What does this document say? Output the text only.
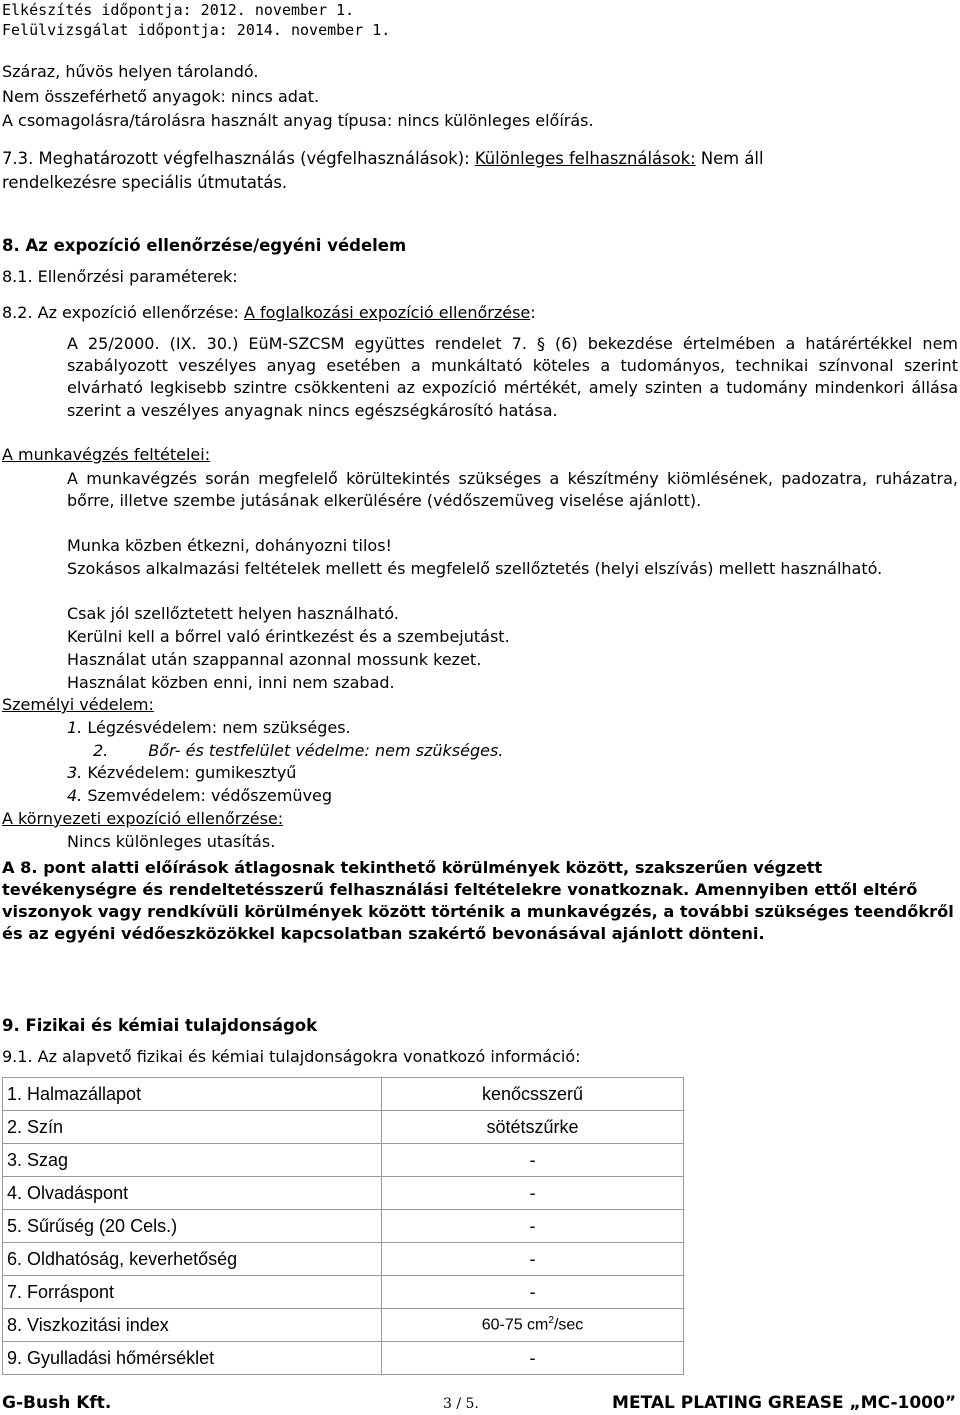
Elkészítés időpontja: 2012. november 1.
Felülvizsgálat időpontja: 2014. november 1.
Száraz, hűvös helyen tárolandó.
Nem összeférhető anyagok: nincs adat.
A csomagolásra/tárolásra használt anyag típusa: nincs különleges előírás.
7.3. Meghatározott végfelhasználás (végfelhasználások): Különleges felhasználások: Nem áll
rendelkezésre speciális útmutatás.
8. Az expozíció ellenőrzése/egyéni védelem
8.1. Ellenőrzési paraméterek:
8.2. Az expozíció ellenőrzése: A foglalkozási expozíció ellenőrzése:
A 25/2000. (IX. 30.) EüM-SZCSM együttes rendelet 7. § (6) bekezdése értelmében a határértékkel nem szabályozott veszélyes anyag esetében a munkáltató köteles a tudományos, technikai színvonal szerint elvárható legkisebb szintre csökkenteni az expozíció mértékét, amely szinten a tudomány mindenkori állása szerint a veszélyes anyagnak nincs egészségkárosító hatása.
A munkavégzés feltételei:
A munkavégzés során megfelelő körültekintés szükséges a készítmény kiömlésének, padozatra, ruházatra, bőrre, illetve szembe jutásának elkerülésére (védőszemüveg viselése ajánlott).
Munka közben étkezni, dohányozni tilos!
Szokásos alkalmazási feltételek mellett és megfelelő szellőztetés (helyi elszívás) mellett használható.
Csak jól szellőztetett helyen használható.
Kerülni kell a bőrrel való érintkezést és a szembejutást.
Használat után szappannal azonnal mossunk kezet.
Használat közben enni, inni nem szabad.
Személyi védelem:
1. Légzésvédelem: nem szükséges.
2.	Bőr- és testfelület védelme: nem szükséges.
3. Kézvédelem: gumikesztyű
4. Szemvédelem: védőszemüveg
A környezeti expozíció ellenőrzése:
Nincs különleges utasítás.
A 8. pont alatti előírások átlagosnak tekinthető körülmények között, szakszerűen végzett tevékenységre és rendeltetésszerű felhasználási feltételekre vonatkoznak. Amennyiben ettől eltérő viszonyok vagy rendkívüli körülmények között történik a munkavégzés, a további szükséges teendőkről és az egyéni védőeszközökkel kapcsolatban szakértő bevonásával ajánlott dönteni.
9. Fizikai és kémiai tulajdonságok
9.1. Az alapvető fizikai és kémiai tulajdonságokra vonatkozó információ:
1. Halmazállapot	kenőcsszerű
2. Szín	sötétszűrke
3. Szag	-
4. Olvadáspont	-
5. Sűrűség (20 Cels.)	-
6. Oldhatóság, keverhetőség	-
7. Forráspont	-
8. Viszkozitási index	60-75 $cm^2/\sec$
9. Gyulladási hőmérséklet	-
G-Bush Kft.	3 / 5.	METAL PLATING GREASE „MC-1000”
